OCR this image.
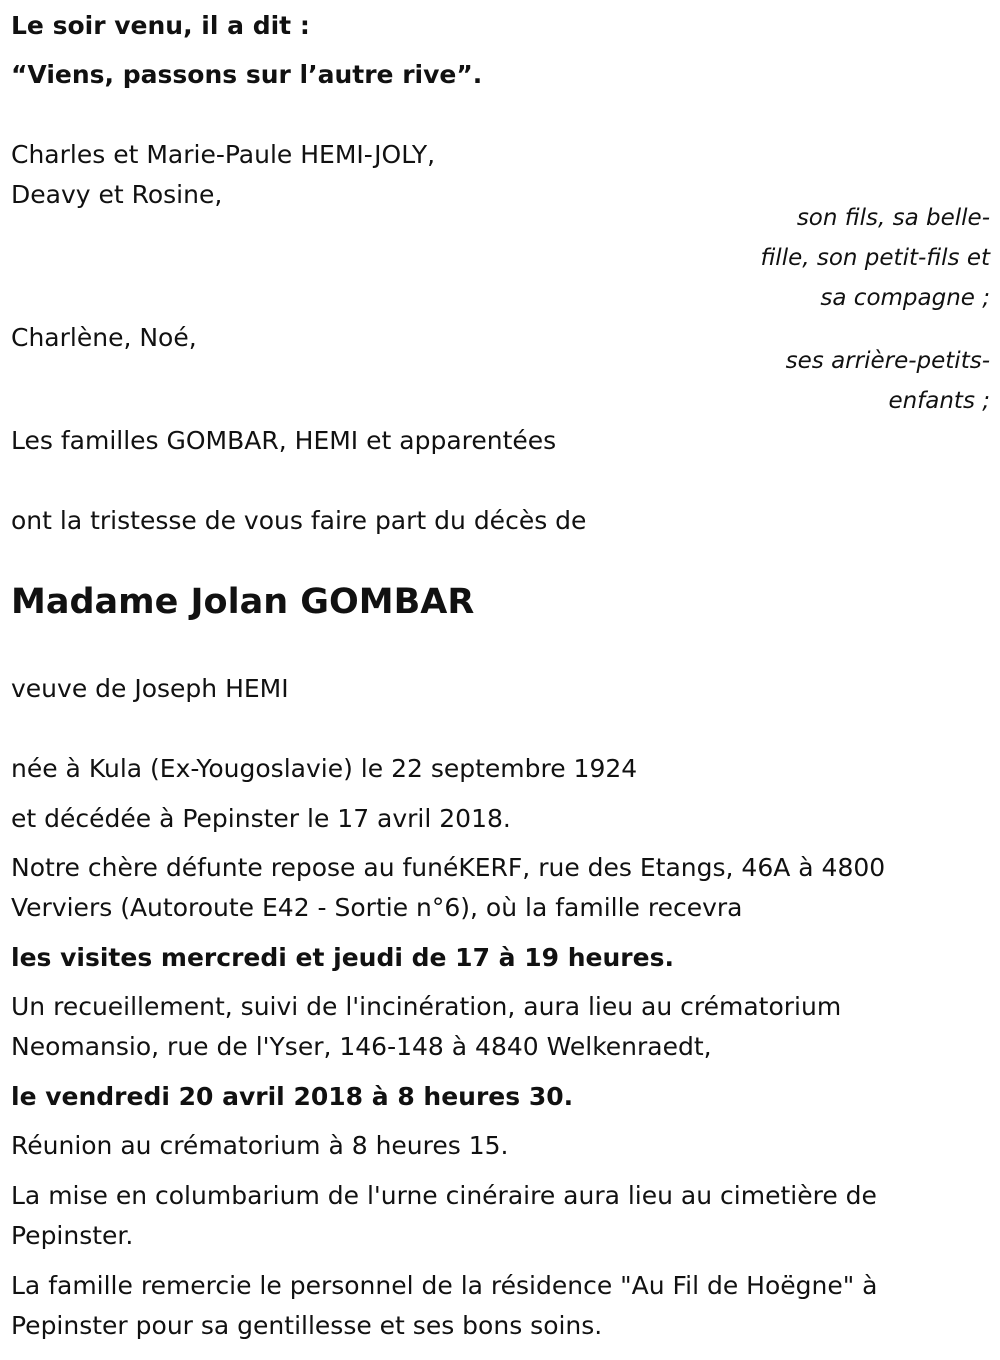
Le soir venu, il a dit :
“Viens, passons sur l’autre rive”.
Charles et Marie-Paule HEMI-JOLY,
Deavy et Rosine,
son fils, sa belle-
fille, son petit-fils et
sa compagne ;
Charlène, Noé,
ses arrière-petits-
enfants ;
Les familles GOMBAR, HEMI et apparentées
ont la tristesse de vous faire part du décès de
Madame Jolan GOMBAR
veuve de Joseph HEMI
née à Kula (Ex-Yougoslavie) le 22 septembre 1924
et décédée à Pepinster le 17 avril 2018.
Notre chère défunte repose au funéKERF, rue des Etangs, 46A à 4800
Verviers (Autoroute E42 - Sortie n°6), où la famille recevra
les visites mercredi et jeudi de 17 à 19 heures.
Un recueillement, suivi de l'incinération, aura lieu au crématorium
Neomansio, rue de l'Yser, 146-148 à 4840 Welkenraedt,
le vendredi 20 avril 2018 à 8 heures 30.
Réunion au crématorium à 8 heures 15.
La mise en columbarium de l'urne cinéraire aura lieu au cimetière de
Pepinster.
La famille remercie le personnel de la résidence "Au Fil de Hoëgne" à
Pepinster pour sa gentillesse et ses bons soins.
